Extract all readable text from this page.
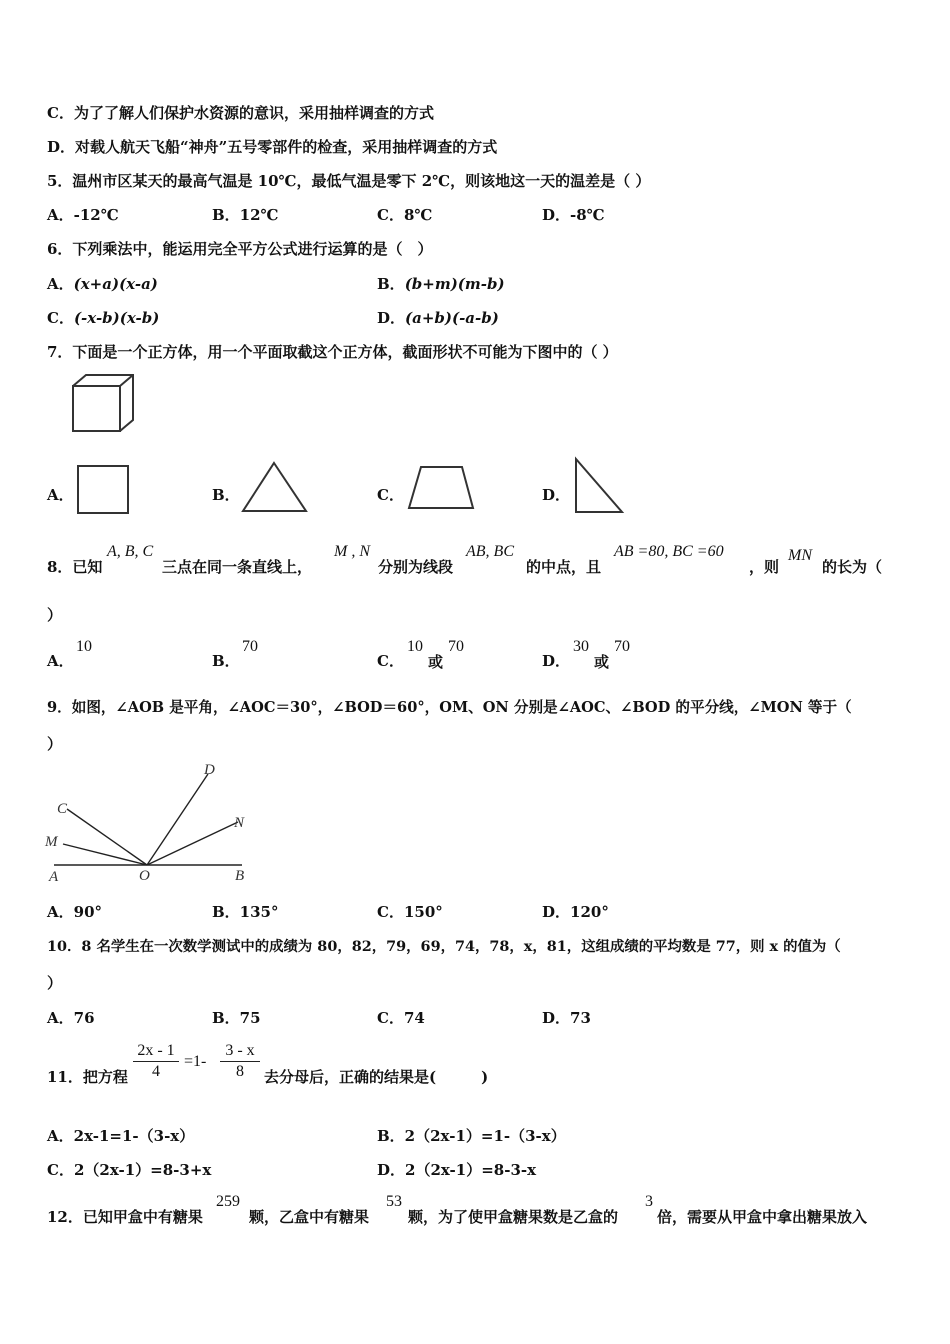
C．为了了解人们保护水资源的意识，采用抽样调查的方式
D．对载人航天飞船“神舟”五号零部件的检查，采用抽样调查的方式
5．温州市区某天的最高气温是 10℃，最低气温是零下 2℃，则该地这一天的温差是（ ）
A．-12℃	B．12℃	C．8℃	D．-8℃
6．下列乘法中，能运用完全平方公式进行运算的是（　）
A．(x+a)(x-a)	B．(b+m)(m-b)
C．(-x-b)(x-b)	D．(a+b)(-a-b)
7．下面是一个正方体，用一个平面取截这个正方体，截面形状不可能为下图中的（ ）
A．	B．	C．	D．
8．已知
A, B, C
三点在同一条直线上，
M , N
分别为线段
AB, BC
的中点，且
AB =80, BC =60
，则
MN
的长为（
）
A．
10
B．
70
C．
10
或
70
D．
30
或
70
9．如图，∠AOB 是平角，∠AOC＝30°，∠BOD＝60°，OM、ON 分别是∠AOC、∠BOD 的平分线，∠MON 等于（
）
A	O	B
C
D
M
N
A．90°	B．135°	C．150°	D．120°
10．8 名学生在一次数学测试中的成绩为 80，82，79，69，74，78，x，81，这组成绩的平均数是 77，则 x 的值为（
）
A．76	B．75	C．74	D．73
11．把方程
2x - 1
4
=1-
3 - x
8	去分母后，正确的结果是(　　　)
A．2x-1=1-（3-x）	B．2（2x-1）=1-（3-x）
C．2（2x-1）=8-3+x	D．2（2x-1）=8-3-x
12．已知甲盒中有糖果
259
颗，乙盒中有糖果
53
颗，为了使甲盒糖果数是乙盒的
3
倍，需要从甲盒中拿出糖果放入
